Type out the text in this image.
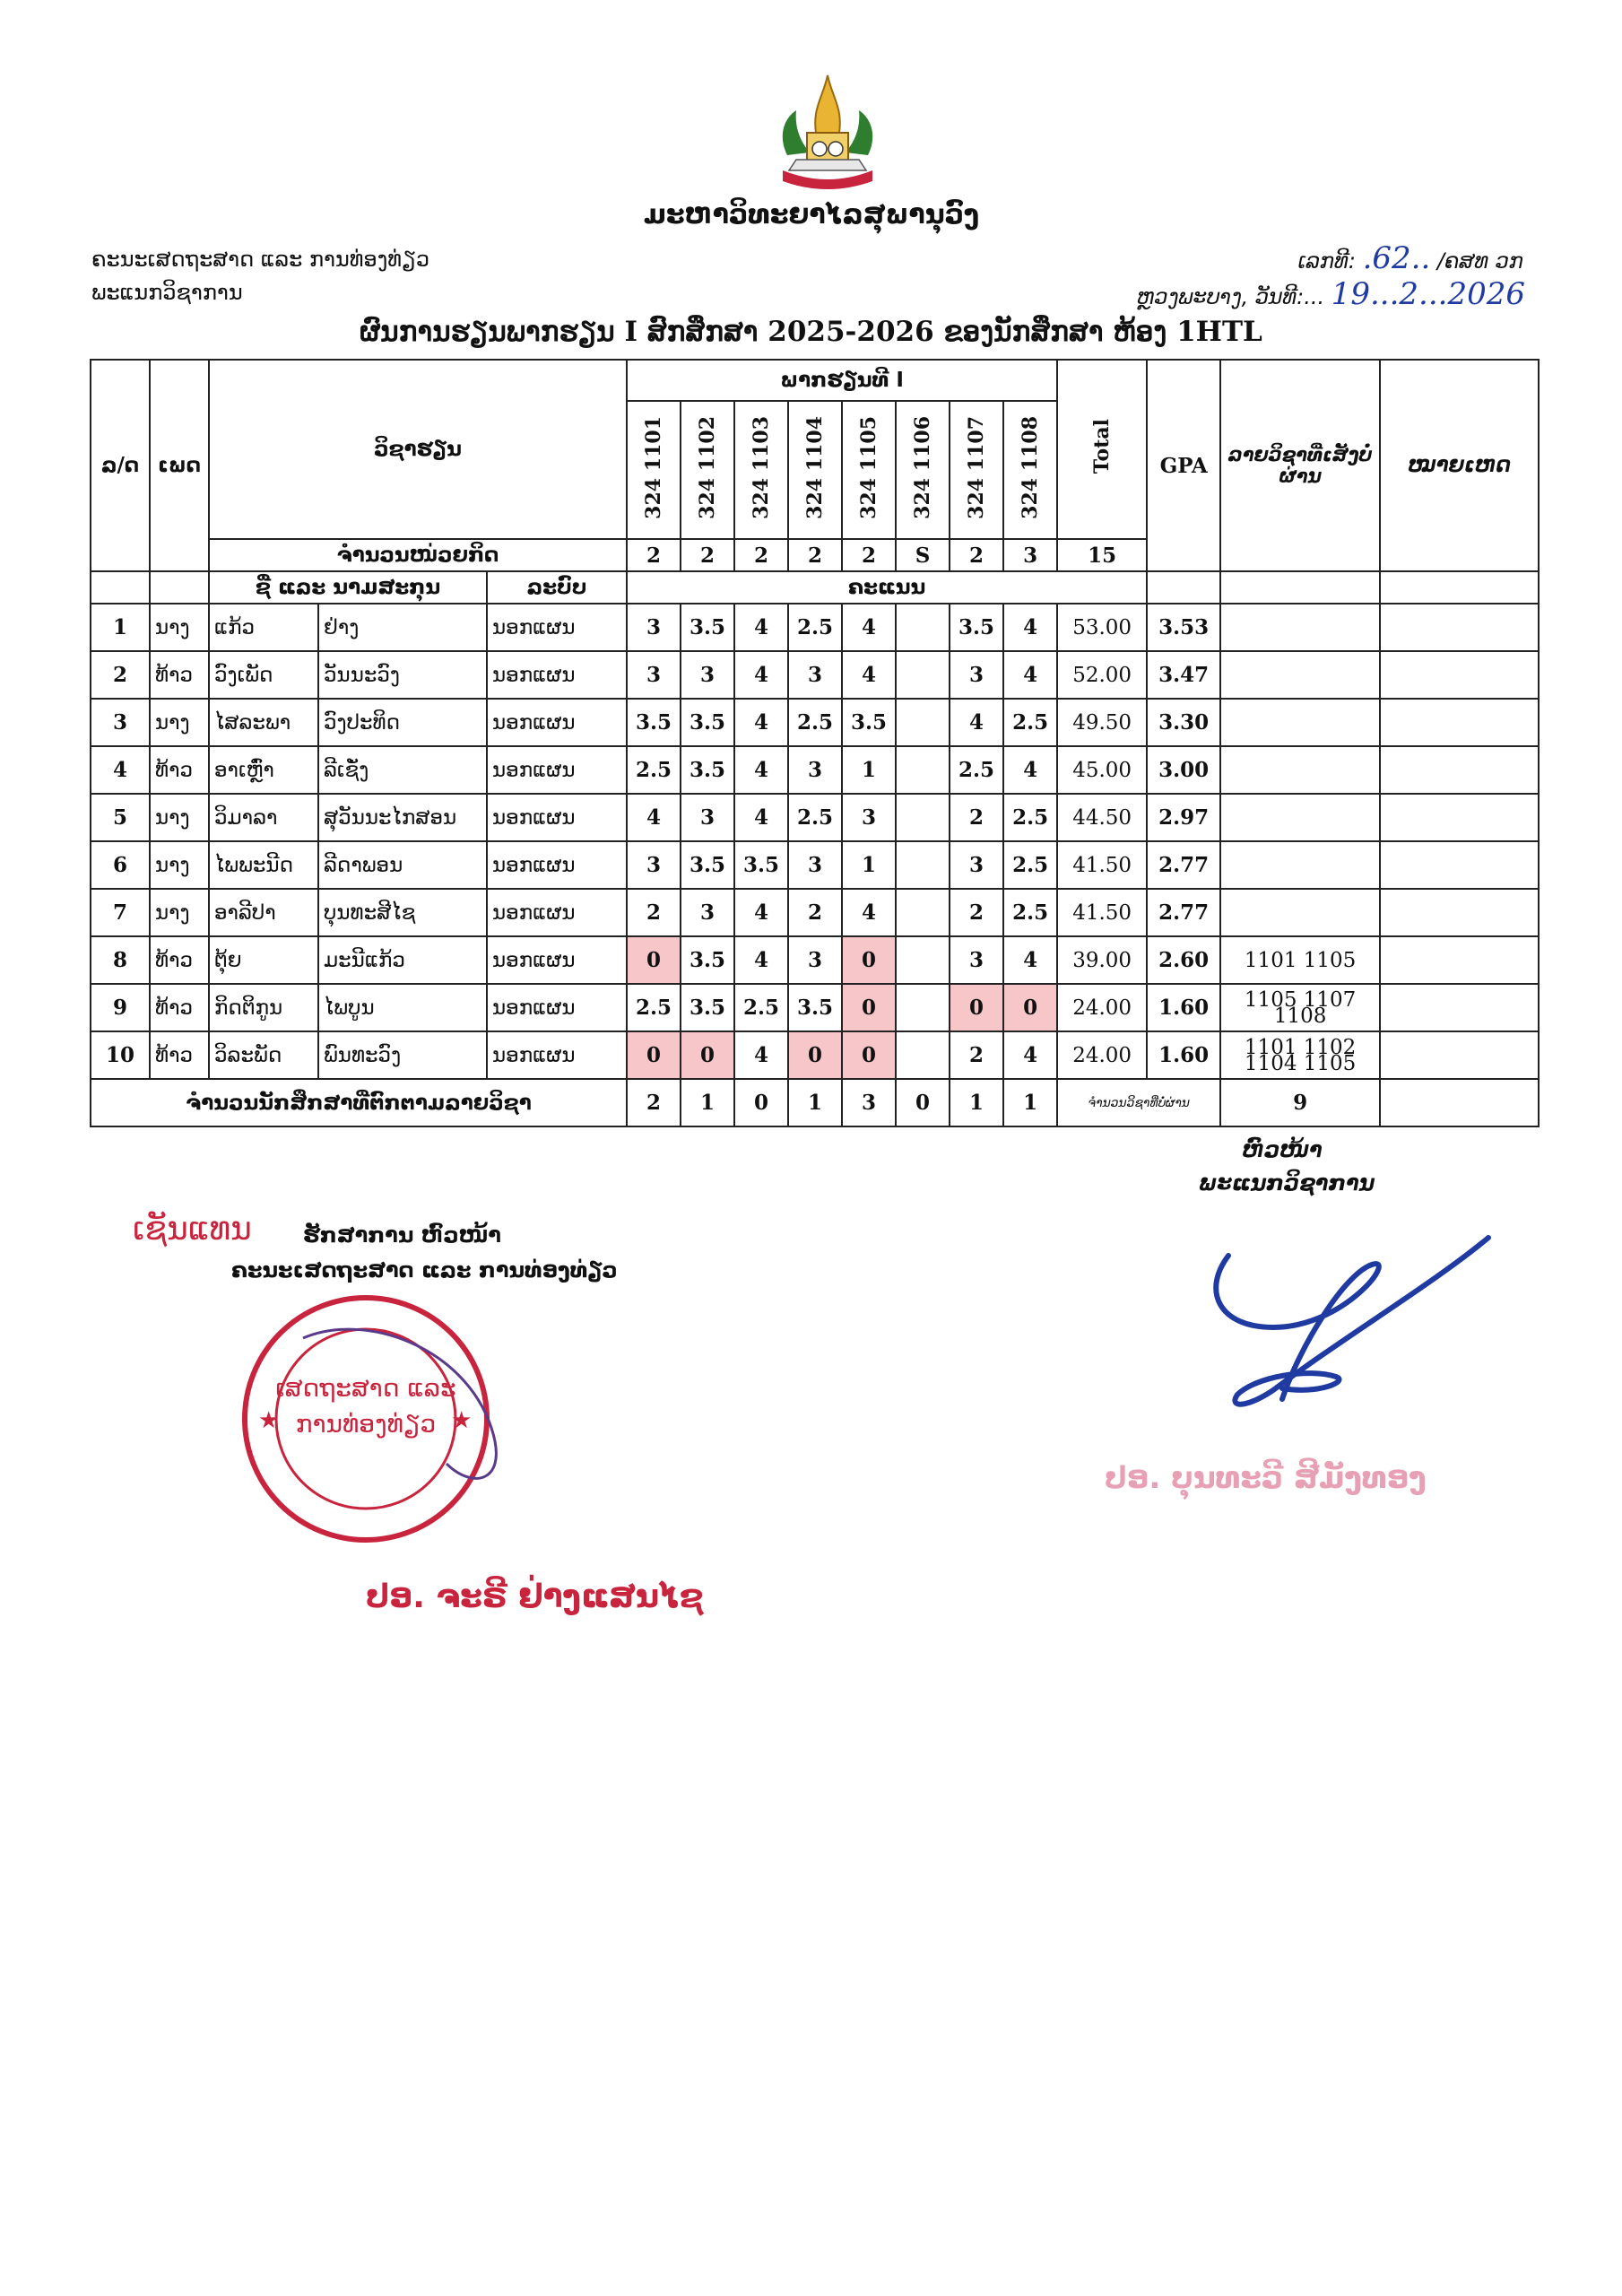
ມະຫາວິທະຍາໄລສຸພານຸວົງ
ຄະນະເສດຖະສາດ ແລະ ການທ່ອງທ່ຽວ
ພະແນກວິຊາການ
ເລກທີ: .62.. /ຄສທ ວກ
ຫຼວງພະບາງ, ວັນທີ:... 19...2...2026
ຜົນການຮຽນພາກຮຽນ I ສົກສຶກສາ 2025-2026 ຂອງນັກສຶກສາ ຫ້ອງ 1HTL
ລ/ດ	ເພດ	ວິຊາຮຽນ			ພາກຮຽນທີ I								Total	GPA	ລາຍວິຊາທີ່ເສັງບໍ່ຜ່ານ	ໝາຍເຫດ
					324 1101	324 1102	324 1103	324 1104	324 1105	324 1106	324 1107	324 1108				
		ຈຳນວນໜ່ວຍກິດ			2	2	2	2	2	S	2	3	15			
		ຊື່ ແລະ ນາມສະກຸນ		ລະບົບ	ຄະແນນ											
1	ນາງ	ແກ້ວ	ຢ່າງ	ນອກແຜນ	3	3.5	4	2.5	4		3.5	4	53.00	3.53		
2	ທ້າວ	ວົງເພັດ	ວັນນະວົງ	ນອກແຜນ	3	3	4	3	4		3	4	52.00	3.47		
3	ນາງ	ໄສລະພາ	ວົງປະທິດ	ນອກແຜນ	3.5	3.5	4	2.5	3.5		4	2.5	49.50	3.30		
4	ທ້າວ	ອາເຫຼົ່າ	ລີເຊັ່ງ	ນອກແຜນ	2.5	3.5	4	3	1		2.5	4	45.00	3.00		
5	ນາງ	ວິມາລາ	ສຸວັນນະໄກສອນ	ນອກແຜນ	4	3	4	2.5	3		2	2.5	44.50	2.97		
6	ນາງ	ໄພພະນີດ	ລີດາພອນ	ນອກແຜນ	3	3.5	3.5	3	1		3	2.5	41.50	2.77		
7	ນາງ	ອາລີປາ	ບຸນທະສີໄຊ	ນອກແຜນ	2	3	4	2	4		2	2.5	41.50	2.77		
8	ທ້າວ	ຕຸ້ຍ	ມະນີແກ້ວ	ນອກແຜນ	0	3.5	4	3	0		3	4	39.00	2.60	1101 1105	
9	ທ້າວ	ກິດຕິກູນ	ໄພບູນ	ນອກແຜນ	2.5	3.5	2.5	3.5	0		0	0	24.00	1.60	1105 1107 1108	
10	ທ້າວ	ວິລະພັດ	ພົນທະວົງ	ນອກແຜນ	0	0	4	0	0		2	4	24.00	1.60	1101 1102 1104 1105	
ຈຳນວນນັກສຶກສາທີ່ຕົກຕາມລາຍວິຊາ					2	1	0	1	3	0	1	1	ຈຳນວນວິຊາທີ່ບໍ່ຜ່ານ		9	
ຫົວໜ້າ
ພະແນກວິຊາການ
ປອ. ບຸນທະວີ ສີມັງທອງ
ເຊັນແທນ ຮັກສາການ ຫົວໜ້າ
ຄະນະເສດຖະສາດ ແລະ ການທ່ອງທ່ຽວ
ເສດຖະສາດ ແລະ
ການທ່ອງທ່ຽວ
★	★
ປອ. ຈະຣີ ຢ່າງແສນໄຊ
